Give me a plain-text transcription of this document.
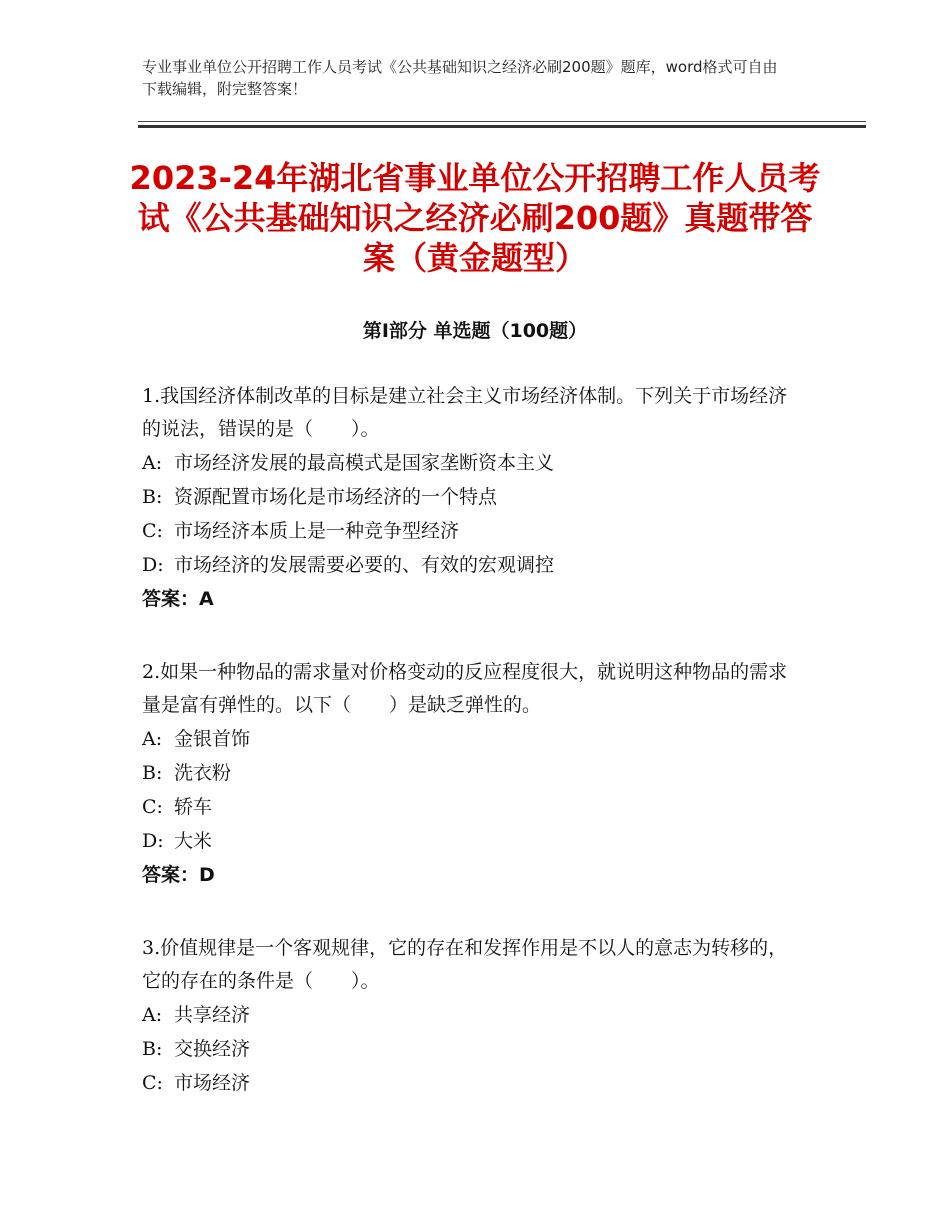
专业事业单位公开招聘工作人员考试《公共基础知识之经济必刷200题》题库，word格式可自由下载编辑，附完整答案！
2023-24年湖北省事业单位公开招聘工作人员考试《公共基础知识之经济必刷200题》真题带答案（黄金题型）
第Ⅰ部分 单选题（100题）

1.我国经济体制改革的目标是建立社会主义市场经济体制。下列关于市场经济的说法，错误的是（　　）。

A: 市场经济发展的最高模式是国家垄断资本主义

B: 资源配置市场化是市场经济的一个特点

C: 市场经济本质上是一种竞争型经济

D: 市场经济的发展需要必要的、有效的宏观调控

答案：A

2.如果一种物品的需求量对价格变动的反应程度很大，就说明这种物品的需求量是富有弹性的。以下（　　）是缺乏弹性的。

A: 金银首饰

B: 洗衣粉

C: 轿车

D: 大米

答案：D

3.价值规律是一个客观规律，它的存在和发挥作用是不以人的意志为转移的，它的存在的条件是（　　）。

A: 共享经济

B: 交换经济

C: 市场经济
